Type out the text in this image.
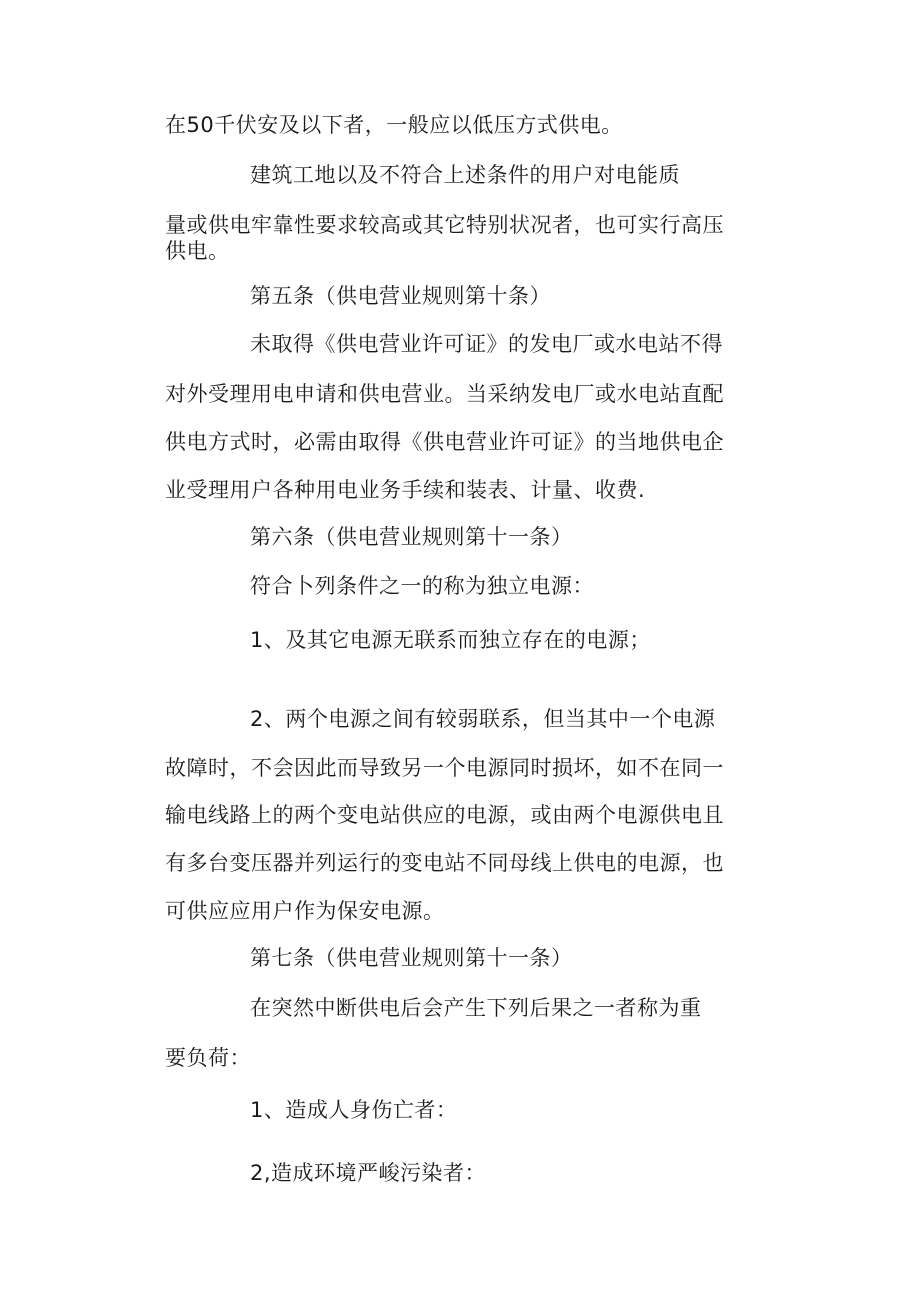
在50千伏安及以下者，一般应以低压方式供电。
建筑工地以及不符合上述条件的用户对电能质
量或供电牢靠性要求较高或其它特别状况者，也可实行高压
供电。
第五条（供电营业规则第十条）
未取得《供电营业许可证》的发电厂或水电站不得
对外受理用电申请和供电营业。当采纳发电厂或水电站直配
供电方式时，必需由取得《供电营业许可证》的当地供电企
业受理用户各种用电业务手续和装表、计量、收费.
第六条（供电营业规则第十一条）
符合卜列条件之一的称为独立电源：
1、及其它电源无联系而独立存在的电源；
2、两个电源之间有较弱联系，但当其中一个电源
故障时，不会因此而导致另一个电源同时损坏，如不在同一
输电线路上的两个变电站供应的电源，或由两个电源供电且
有多台变压器并列运行的变电站不同母线上供电的电源，也
可供应应用户作为保安电源。
第七条（供电营业规则第十一条）
在突然中断供电后会产生下列后果之一者称为重
要负荷：
1、造成人身伤亡者：
2,造成环境严峻污染者：
